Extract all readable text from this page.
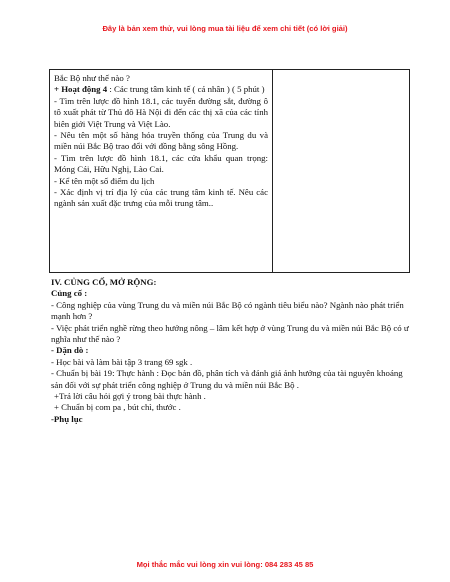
Đây là bản xem thử, vui lòng mua tài liệu để xem chi tiết (có lời giải)

Bắc Bộ như thế nào ?

+ Hoạt động 4 : Các trung tâm kinh tế ( cá nhân ) ( 5 phút )

- Tìm trên lược đồ hình 18.1, các tuyến đường sắt, đường ô tô xuất phát từ Thủ đô Hà Nội đi đến các thị xã của các tỉnh biên giới Việt Trung và Việt Lào.

- Nêu tên một số hàng hóa truyền thống của Trung du và miền núi Bắc Bộ trao đổi với đồng bằng sông Hồng.

- Tìm trên lược đồ hình 18.1, các cửa khẩu quan trọng: Móng Cái, Hữu Nghị, Lào Cai.

- Kể tên một số điểm du lịch

- Xác định vị trí địa lý của các trung tâm kinh tế. Nêu các ngành sản xuất đặc trưng của mỗi trung tâm..

IV. CỦNG CỐ, MỞ RỘNG:

Củng cố :

- Công nghiệp của vùng Trung du và miền núi Bắc Bộ có ngành tiêu biểu nào? Ngành nào phát triển mạnh hơn ?

- Việc phát triển nghề rừng theo hướng nông – lâm kết hợp ở vùng Trung du và miền núi Bắc Bộ có ư nghĩa như thế nào ?

- Dặn dò :

- Học bài và làm bài tập 3 trang 69 sgk .

- Chuẩn bị bài 19: Thực hành : Đọc bản đồ, phân tích và đánh giá ảnh hưởng của tài nguyên khoáng sản đối với sự phát triển công nghiệp ở Trung du và miền núi Bắc Bộ .

+Trả lời câu hỏi gợi ý trong bài thực hành .

+ Chuẩn bị com pa , bút chì, thước .

-Phụ lục

Mọi thắc mắc vui lòng xin vui lòng: 084 283 45 85
